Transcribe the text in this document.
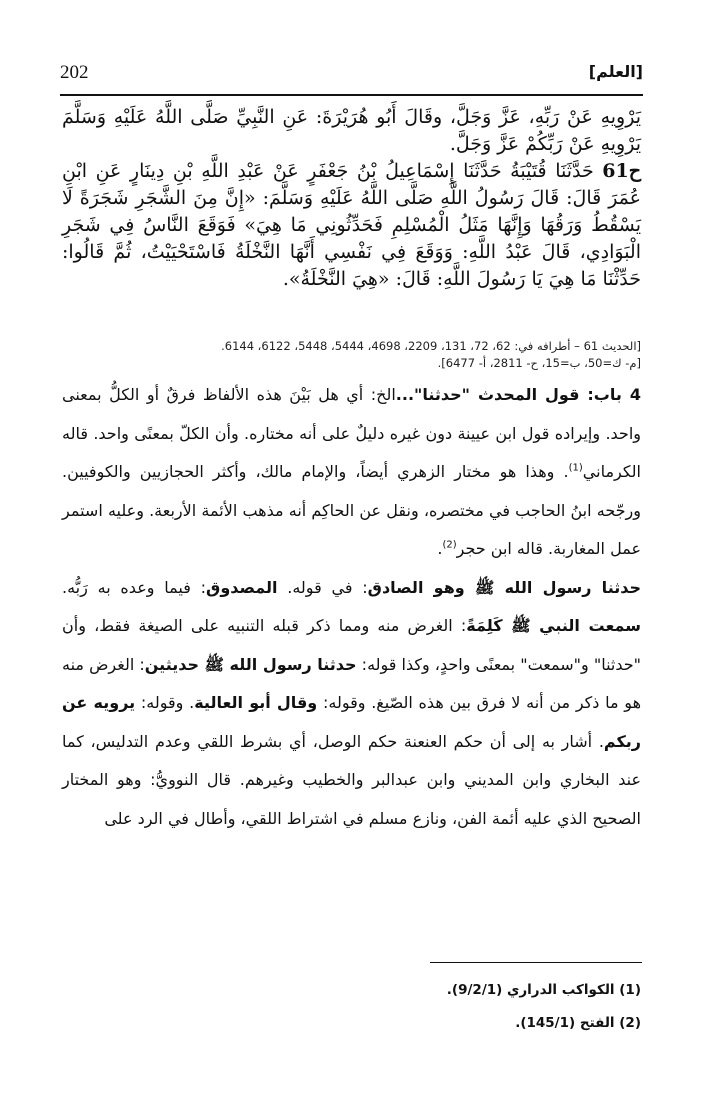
202	[العلم]

يَرْوِيهِ عَنْ رَبِّهِ، عَزَّ وَجَلَّ، وقَالَ أَبُو هُرَيْرَةَ: عَنِ النَّبِيِّ صَلَّى اللَّهُ عَلَيْهِ وَسَلَّمَ يَرْوِيهِ عَنْ رَبِّكُمْ عَزَّ وَجَلَّ.

ح61 حَدَّثَنَا قُتَيْبَةُ حَدَّثَنَا إِسْمَاعِيلُ بْنُ جَعْفَرٍ عَنْ عَبْدِ اللَّهِ بْنِ دِينَارٍ عَنِ ابْنِ عُمَرَ قَالَ: قَالَ رَسُولُ اللَّهِ صَلَّى اللَّهُ عَلَيْهِ وَسَلَّمَ: «إِنَّ مِنَ الشَّجَرِ شَجَرَةً لَا يَسْقُطُ وَرَقُهَا وَإِنَّهَا مَثَلُ الْمُسْلِمِ فَحَدِّثُونِي مَا هِيَ» فَوَقَعَ النَّاسُ فِي شَجَرِ الْبَوَادِي، قَالَ عَبْدُ اللَّهِ: وَوَقَعَ فِي نَفْسِي أَنَّهَا النَّخْلَةُ فَاسْتَحْيَيْتُ، ثُمَّ قَالُوا: حَدِّثْنَا مَا هِيَ يَا رَسُولَ اللَّهِ: قَالَ: «هِيَ النَّخْلَةُ».

[الحديث 61 – أطرافه في: 62، 72، 131، 2209، 4698، 5444، 5448، 6122، 6144.

[م- ك=50، ب=15، ح- 2811، أ- 6477].

4 باب: قول المحدث "حدثنا"...الخ: أي هل بَيْنَ هذه الألفاظ فرقٌ أو الكلُّ بمعنى واحد. وإيراده قول ابن عيينة دون غيره دليلٌ على أنه مختاره. وأن الكلّ بمعنًى واحد. قاله الكرماني$^{(1)}$. وهذا هو مختار الزهري أيضاً، والإمام مالك، وأكثر الحجازيين والكوفيين. ورجّحه ابنُ الحاجب في مختصره، ونقل عن الحاكِم أنه مذهب الأئمة الأربعة. وعليه استمر عمل المغاربة. قاله ابن حجر$^{(2)}$.

حدثنا رسول الله ﷺ وهو الصادق: في قوله. المصدوق: فيما وعده به رَبُّه. سمعت النبي ﷺ كَلِمَةً: الغرض منه ومما ذكر قبله التنبيه على الصيغة فقط، وأن "حدثنا" و"سمعت" بمعنًى واحدٍ، وكذا قوله: حدثنا رسول الله ﷺ حديثين: الغرض منه هو ما ذكر من أنه لا فرق بين هذه الصّيغ. وقوله: وقال أبو العالية. وقوله: يرويه عن ربكم. أشار به إلى أن حكم العنعنة حكم الوصل، أي بشرط اللقي وعدم التدليس، كما عند البخاري وابن المديني وابن عبدالبر والخطيب وغيرهم. قال النوويُّ: وهو المختار الصحيح الذي عليه أئمة الفن، ونازع مسلم في اشتراط اللقي، وأطال في الرد على

(1) الكواكب الدراري (9/2/1).

(2) الفتح (145/1).
